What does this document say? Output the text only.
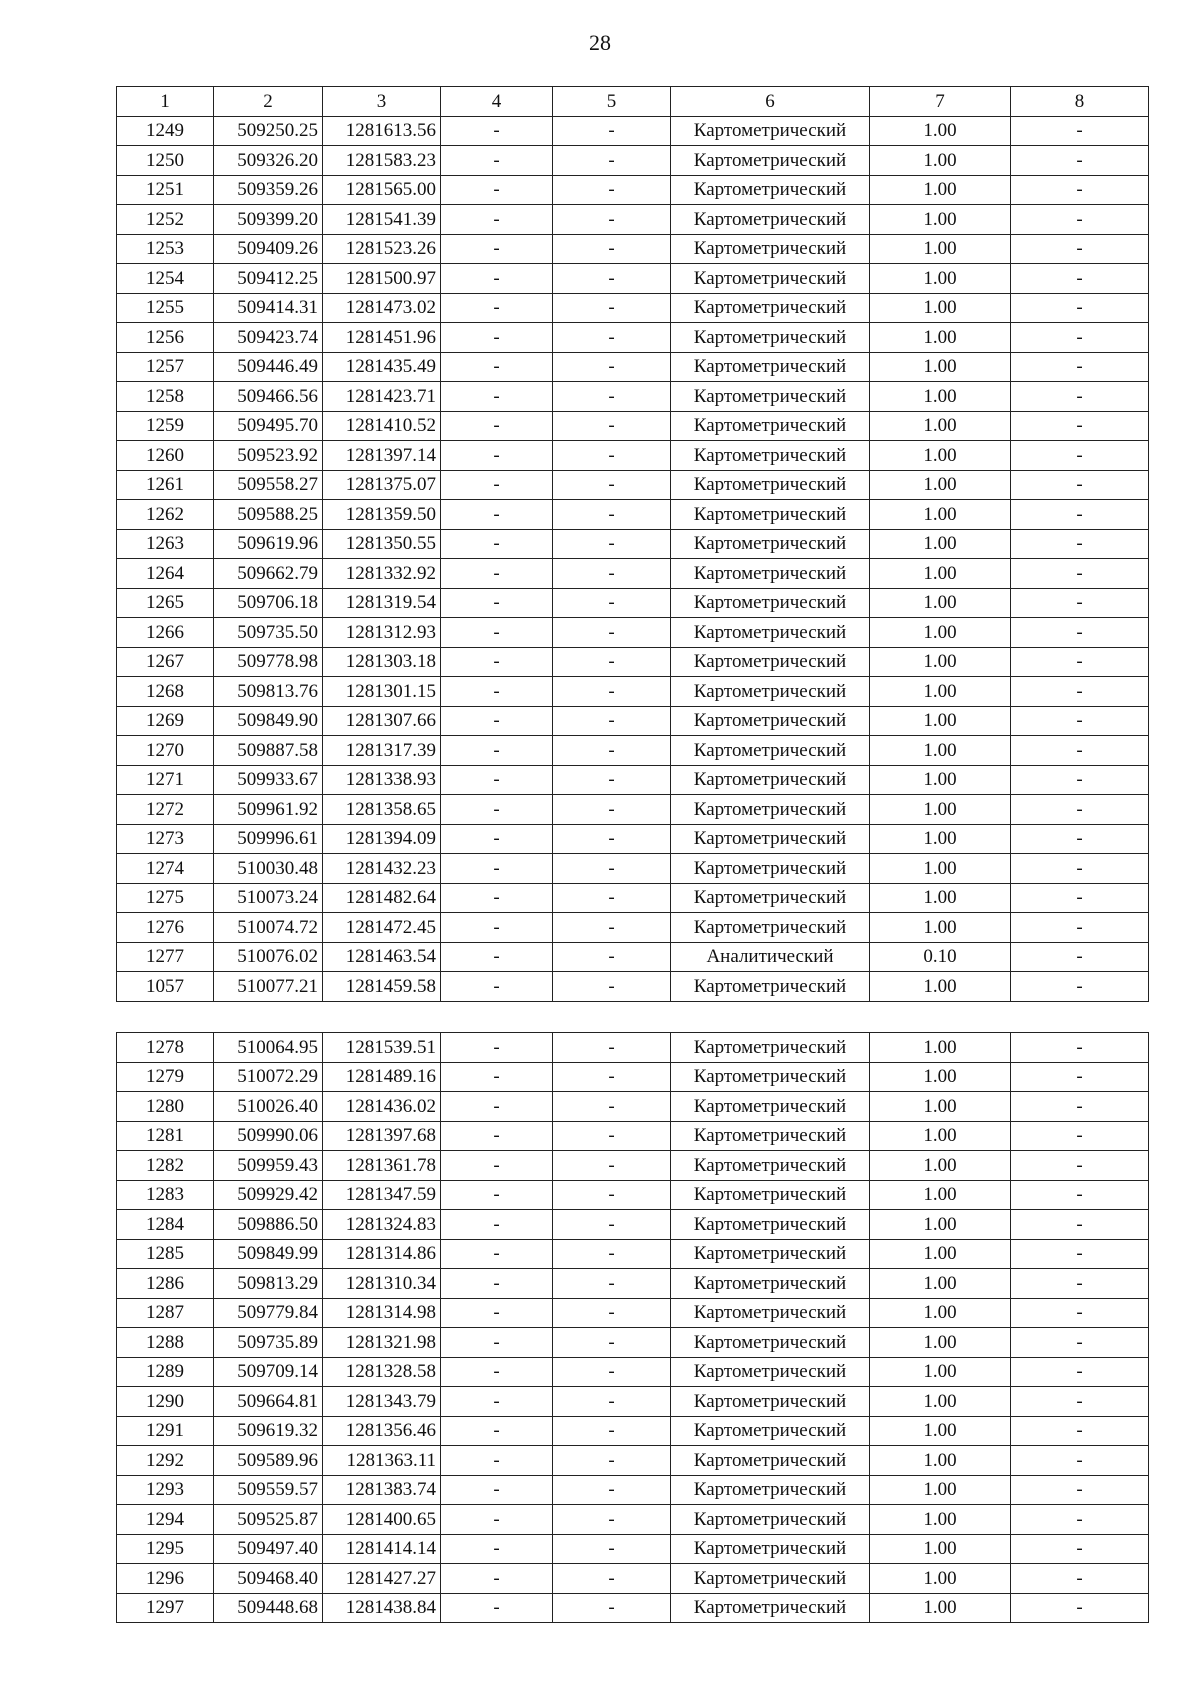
28
1	2	3	4	5	6	7	8
1249	509250.25	1281613.56	-	-	Картометрический	1.00	-
1250	509326.20	1281583.23	-	-	Картометрический	1.00	-
1251	509359.26	1281565.00	-	-	Картометрический	1.00	-
1252	509399.20	1281541.39	-	-	Картометрический	1.00	-
1253	509409.26	1281523.26	-	-	Картометрический	1.00	-
1254	509412.25	1281500.97	-	-	Картометрический	1.00	-
1255	509414.31	1281473.02	-	-	Картометрический	1.00	-
1256	509423.74	1281451.96	-	-	Картометрический	1.00	-
1257	509446.49	1281435.49	-	-	Картометрический	1.00	-
1258	509466.56	1281423.71	-	-	Картометрический	1.00	-
1259	509495.70	1281410.52	-	-	Картометрический	1.00	-
1260	509523.92	1281397.14	-	-	Картометрический	1.00	-
1261	509558.27	1281375.07	-	-	Картометрический	1.00	-
1262	509588.25	1281359.50	-	-	Картометрический	1.00	-
1263	509619.96	1281350.55	-	-	Картометрический	1.00	-
1264	509662.79	1281332.92	-	-	Картометрический	1.00	-
1265	509706.18	1281319.54	-	-	Картометрический	1.00	-
1266	509735.50	1281312.93	-	-	Картометрический	1.00	-
1267	509778.98	1281303.18	-	-	Картометрический	1.00	-
1268	509813.76	1281301.15	-	-	Картометрический	1.00	-
1269	509849.90	1281307.66	-	-	Картометрический	1.00	-
1270	509887.58	1281317.39	-	-	Картометрический	1.00	-
1271	509933.67	1281338.93	-	-	Картометрический	1.00	-
1272	509961.92	1281358.65	-	-	Картометрический	1.00	-
1273	509996.61	1281394.09	-	-	Картометрический	1.00	-
1274	510030.48	1281432.23	-	-	Картометрический	1.00	-
1275	510073.24	1281482.64	-	-	Картометрический	1.00	-
1276	510074.72	1281472.45	-	-	Картометрический	1.00	-
1277	510076.02	1281463.54	-	-	Аналитический	0.10	-
1057	510077.21	1281459.58	-	-	Картометрический	1.00	-
1278	510064.95	1281539.51	-	-	Картометрический	1.00	-
1279	510072.29	1281489.16	-	-	Картометрический	1.00	-
1280	510026.40	1281436.02	-	-	Картометрический	1.00	-
1281	509990.06	1281397.68	-	-	Картометрический	1.00	-
1282	509959.43	1281361.78	-	-	Картометрический	1.00	-
1283	509929.42	1281347.59	-	-	Картометрический	1.00	-
1284	509886.50	1281324.83	-	-	Картометрический	1.00	-
1285	509849.99	1281314.86	-	-	Картометрический	1.00	-
1286	509813.29	1281310.34	-	-	Картометрический	1.00	-
1287	509779.84	1281314.98	-	-	Картометрический	1.00	-
1288	509735.89	1281321.98	-	-	Картометрический	1.00	-
1289	509709.14	1281328.58	-	-	Картометрический	1.00	-
1290	509664.81	1281343.79	-	-	Картометрический	1.00	-
1291	509619.32	1281356.46	-	-	Картометрический	1.00	-
1292	509589.96	1281363.11	-	-	Картометрический	1.00	-
1293	509559.57	1281383.74	-	-	Картометрический	1.00	-
1294	509525.87	1281400.65	-	-	Картометрический	1.00	-
1295	509497.40	1281414.14	-	-	Картометрический	1.00	-
1296	509468.40	1281427.27	-	-	Картометрический	1.00	-
1297	509448.68	1281438.84	-	-	Картометрический	1.00	-
